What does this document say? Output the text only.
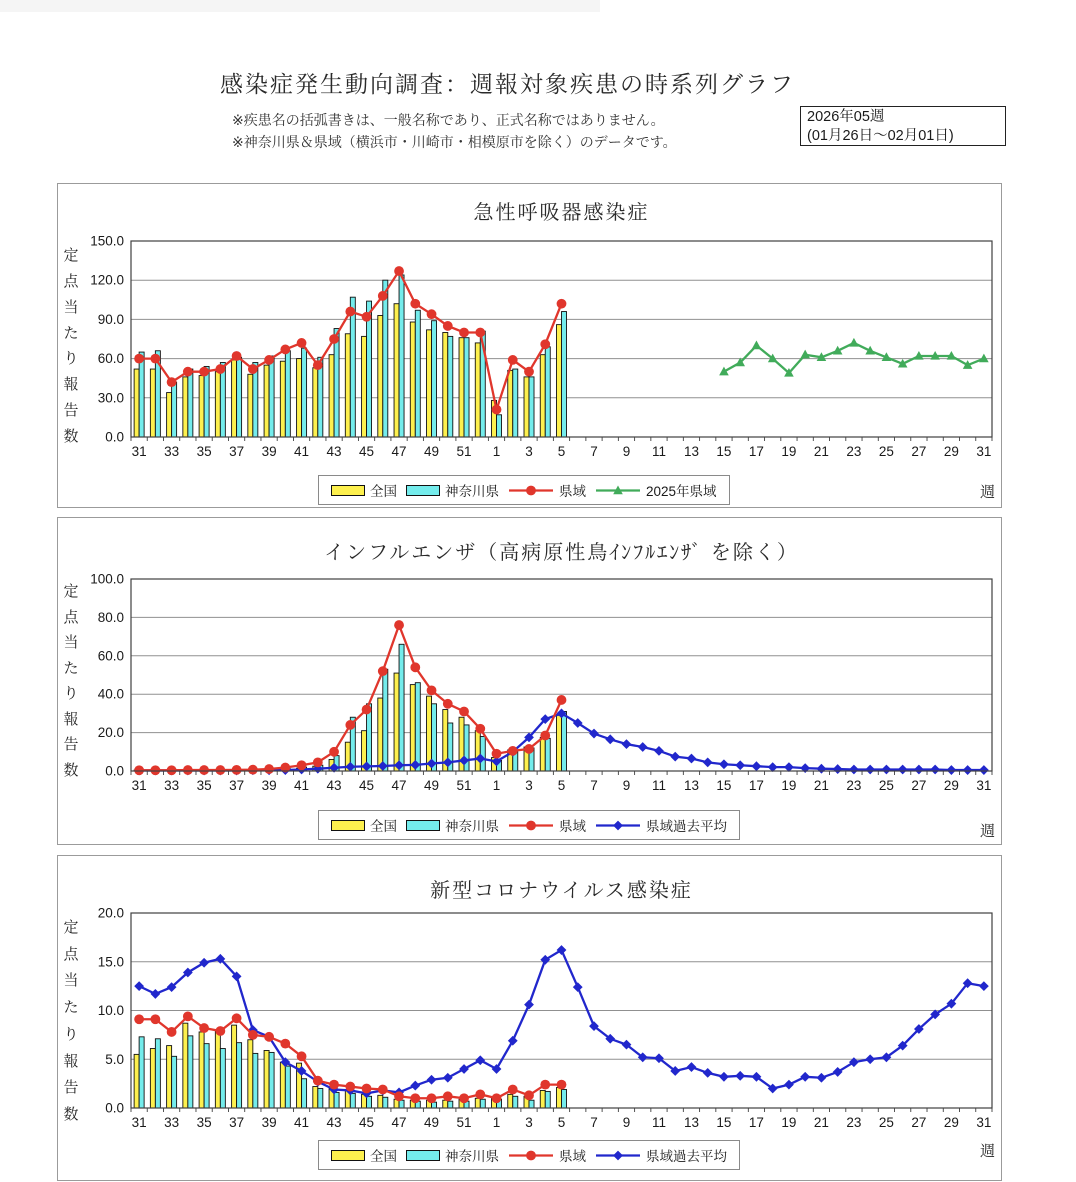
感染症発生動向調査：週報対象疾患の時系列グラフ
※疾患名の括弧書きは、一般名称であり、正式名称ではありません。
※神奈川県＆県域（横浜市・川崎市・相模原市を除く）のデータです。
2026年05週
(01月26日～02月01日)
急性呼吸器感染症
定
点
当
た
り
報
告
数 0.0
30.0
60.0
90.0
120.0
150.0
31 33 35 37 39 41 43 45 47 49 51 1 3 5 7 9 11 13 15 17 19 21 23 25 27 29 31
全国	神奈川県	県域	2025年県域	週
インフルエンザ（高病原性鳥ｲﾝﾌﾙｴﾝｻﾞ を除く）
定
点
当
た
り
報
告
数 0.0
20.0
40.0
60.0
80.0
100.0
31 33 35 37 39 41 43 45 47 49 51 1 3 5 7 9 11 13 15 17 19 21 23 25 27 29 31
全国	神奈川県	県域	県域過去平均	週
新型コロナウイルス感染症
定
点
当
た
り
報
告
数 0.0
5.0
10.0
15.0
20.0
31 33 35 37 39 41 43 45 47 49 51 1 3 5 7 9 11 13 15 17 19 21 23 25 27 29 31
全国	神奈川県	県域	県域過去平均	週
